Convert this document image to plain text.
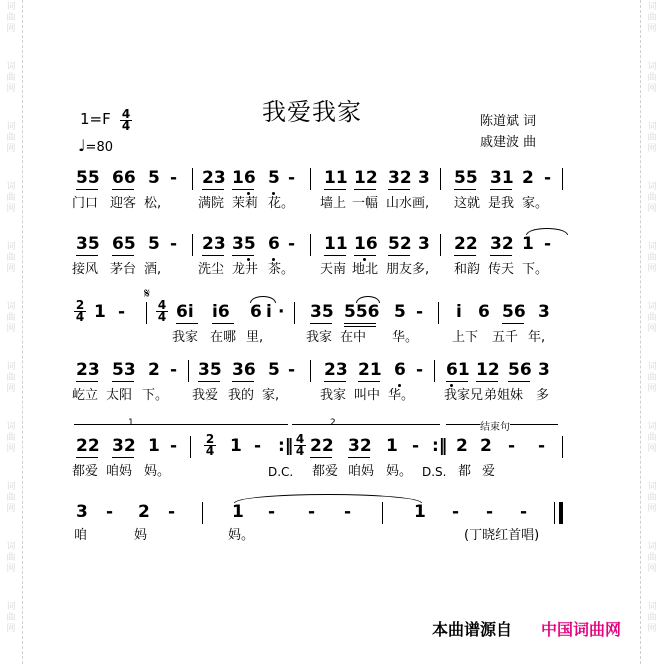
词
曲
网
词
曲
网
词
曲
网
词
曲
网
词
曲
网
词
曲
网
词
曲
网
词
曲
网
词
曲
网
词
曲
网
词
曲
网
词
曲
网
词
曲
网
词
曲
网
词
曲
网
词
曲
网
词
曲
网
词
曲
网
词
曲
网
词
曲
网
词
曲
网
词
曲
网
我爱我家
$1=F \frac{4}{4}$
♩=80
陈道斌 词
戚建波 曲
55 66 5 - 23 16 5 - 11 12 32 3 55 31 2 -
门口 迎客 松,	满院 茉莉 花。 墙上 一幅 山水画, 这就 是我 家。
35 65 5 - 23 35 6 - 11 16 52 3 22 32 1 -
接风 茅台 酒,	洗尘 龙井 茶。 天南 地北 朋友多, 和韵 传天 下。
$\frac{2}{4} 1$ -
𝄋
$\frac{4}{4} 6i$ i6 6 i · 35 556 5 - i 6 56 3
我家 在哪 里,	我家 在中 华。	上下 五千 年,
23 53 2 - 35 36 5 - 23 21 6 - 61 12 56 3
屹立 太阳 下。 我爱 我的 家,	我家 叫中 华。 我家兄 弟姐妹 多
1	2	结束句
22 32 $1 - \frac{2}{4} 1$ - :‖ $\frac{4}{4} 22$ 32 1 - :‖ 2 2 - -
都爱 咱妈 妈。	D.C. 都爱 咱妈 妈。 D.S. 都 爱
3 - 2 -	1 - - -	1 - - -
咱	妈	妈。	(丁晓红首唱)
本曲谱源自 中国词曲网
